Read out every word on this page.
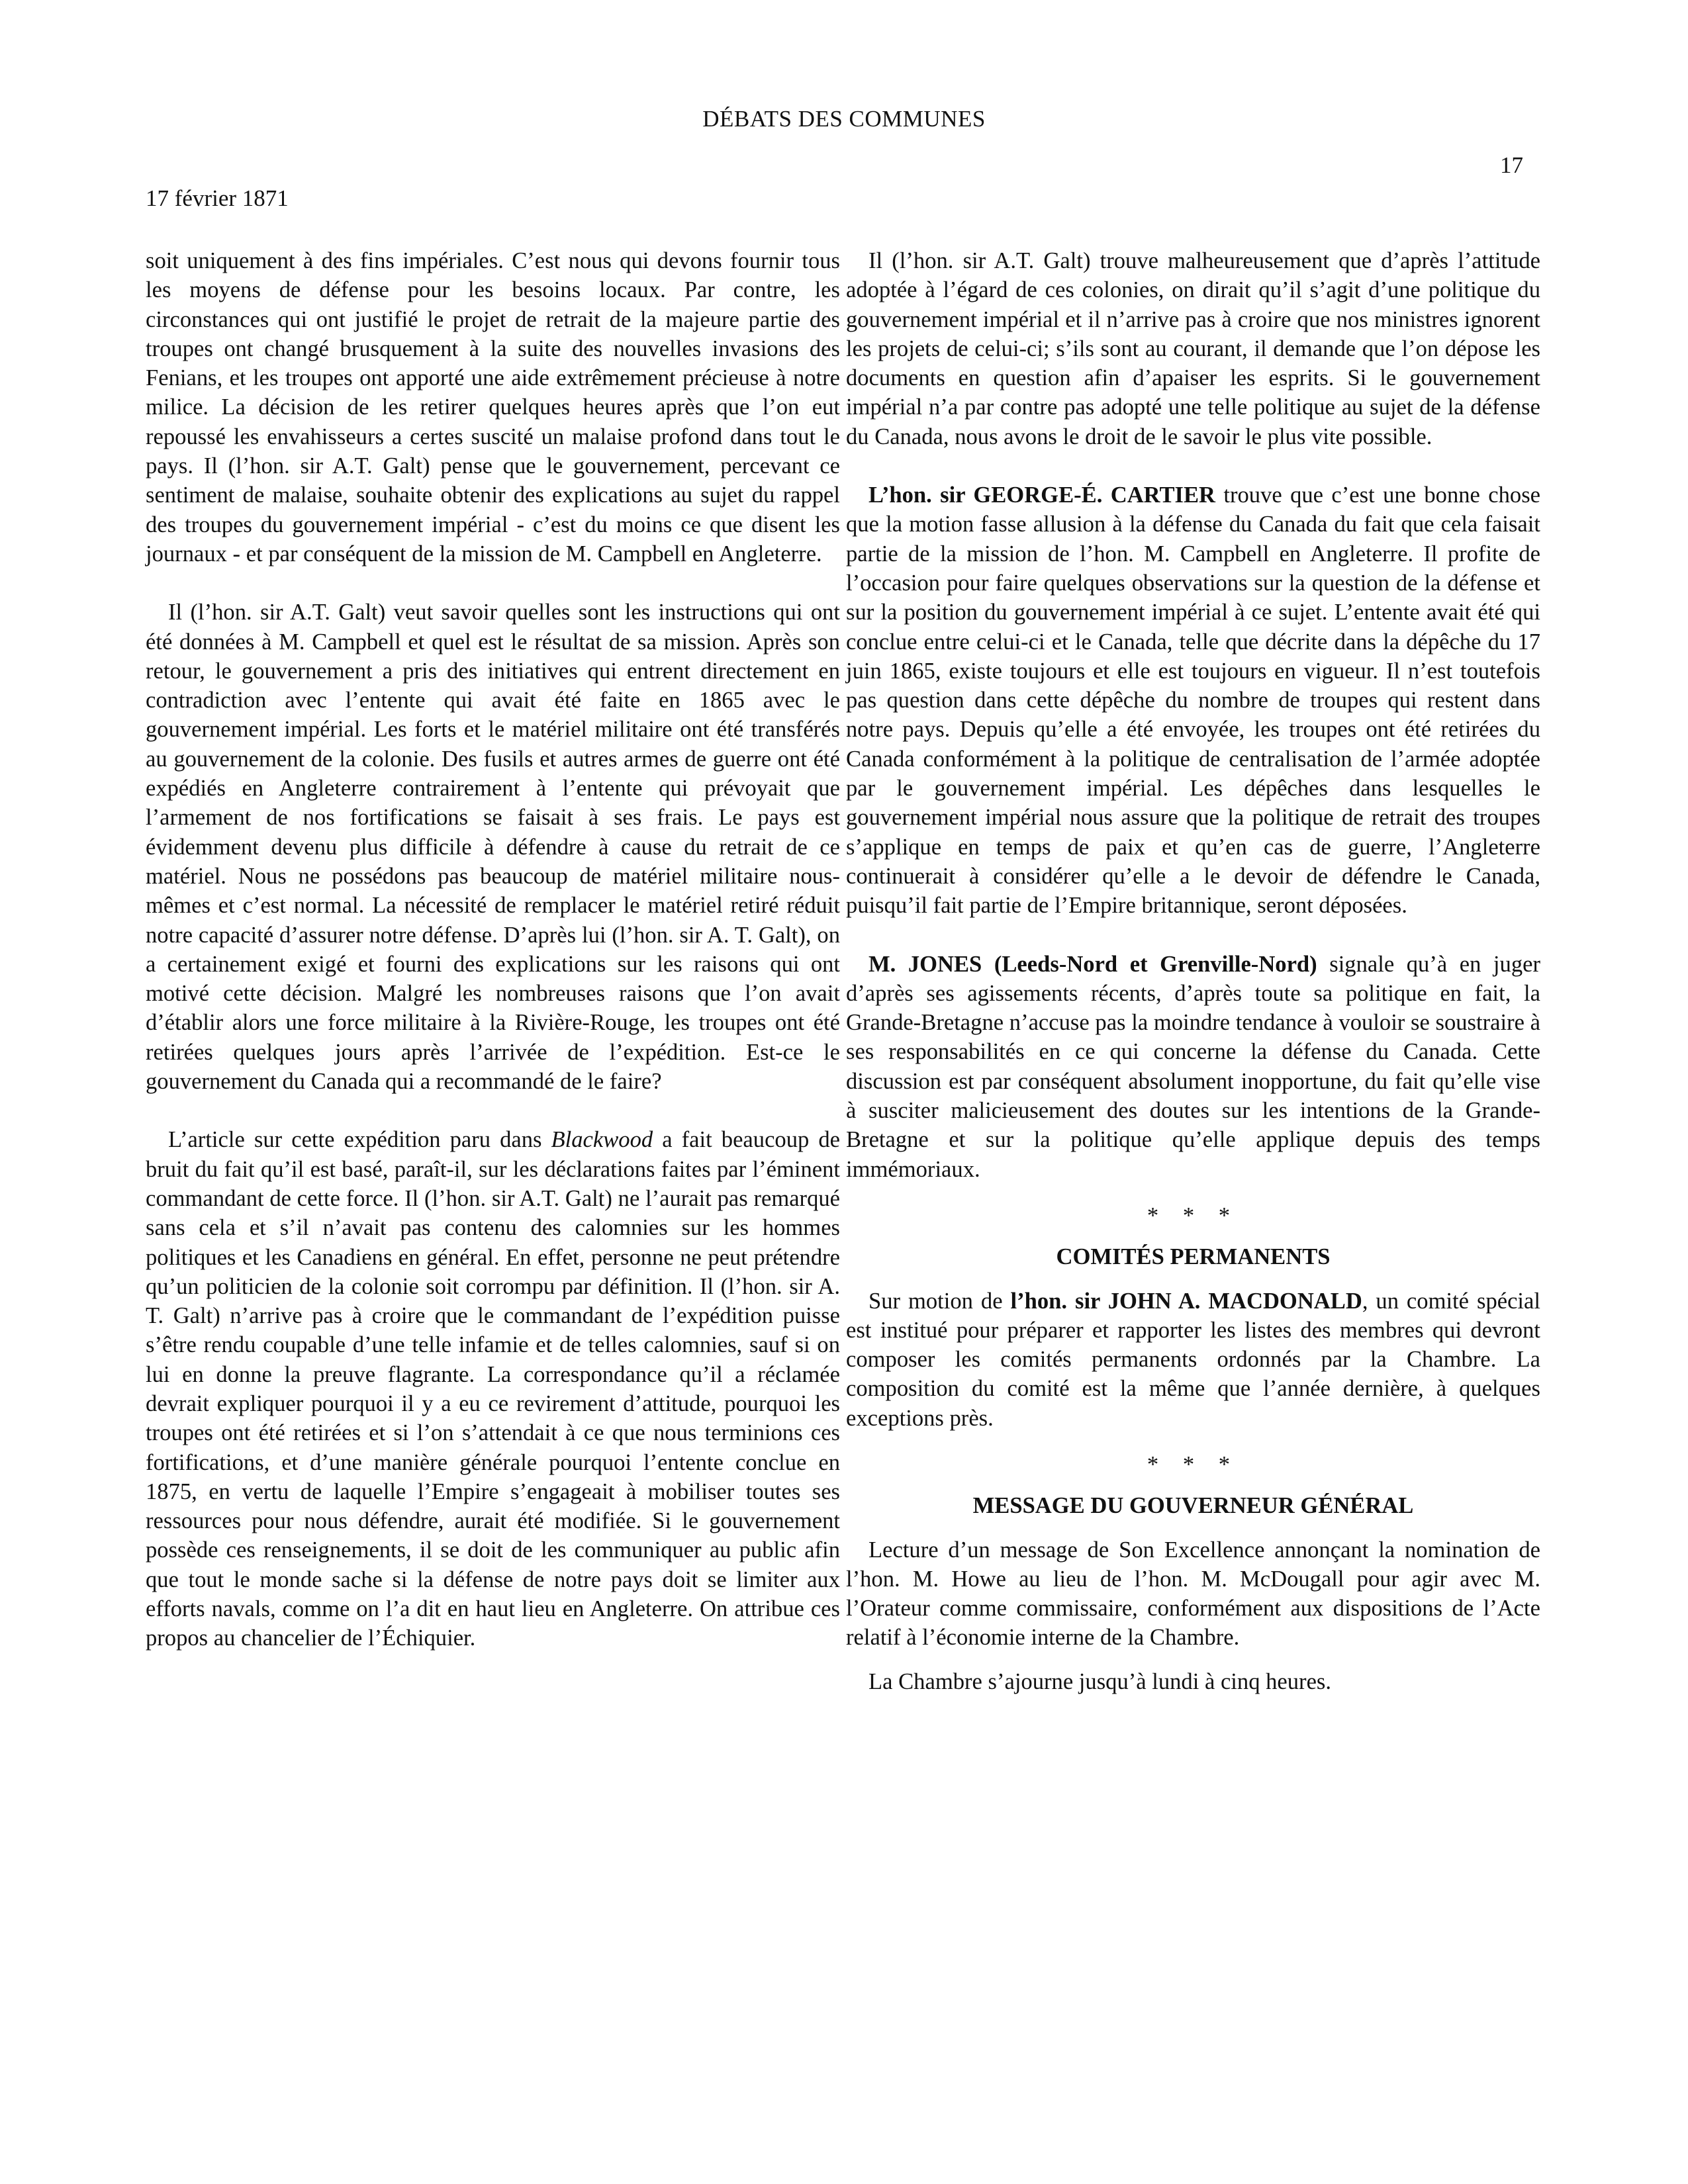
DÉBATS DES COMMUNES
17
17 février 1871

soit uniquement à des fins impériales. C’est nous qui devons fournir tous les moyens de défense pour les besoins locaux. Par contre, les circonstances qui ont justifié le projet de retrait de la majeure partie des troupes ont changé brusquement à la suite des nouvelles invasions des Fenians, et les troupes ont apporté une aide extrêmement précieuse à notre milice. La décision de les retirer quelques heures après que l’on eut repoussé les envahisseurs a certes suscité un malaise profond dans tout le pays. Il (l’hon. sir A.T. Galt) pense que le gouvernement, percevant ce sentiment de malaise, souhaite obtenir des explications au sujet du rappel des troupes du gouvernement impérial - c’est du moins ce que disent les journaux - et par conséquent de la mission de M. Campbell en Angleterre.

Il (l’hon. sir A.T. Galt) veut savoir quelles sont les instructions qui ont été données à M. Campbell et quel est le résultat de sa mission. Après son retour, le gouvernement a pris des initiatives qui entrent directement en contradiction avec l’entente qui avait été faite en 1865 avec le gouvernement impérial. Les forts et le matériel militaire ont été transférés au gouvernement de la colonie. Des fusils et autres armes de guerre ont été expédiés en Angleterre contrairement à l’entente qui prévoyait que l’armement de nos fortifications se faisait à ses frais. Le pays est évidemment devenu plus difficile à défendre à cause du retrait de ce matériel. Nous ne possédons pas beaucoup de matériel militaire nous-mêmes et c’est normal. La nécessité de remplacer le matériel retiré réduit notre capacité d’assurer notre défense. D’après lui (l’hon. sir A. T. Galt), on a certainement exigé et fourni des explications sur les raisons qui ont motivé cette décision. Malgré les nombreuses raisons que l’on avait d’établir alors une force militaire à la Rivière-Rouge, les troupes ont été retirées quelques jours après l’arrivée de l’expédition. Est-ce le gouvernement du Canada qui a recommandé de le faire?

L’article sur cette expédition paru dans Blackwood a fait beaucoup de bruit du fait qu’il est basé, paraît-il, sur les déclarations faites par l’éminent commandant de cette force. Il (l’hon. sir A.T. Galt) ne l’aurait pas remarqué sans cela et s’il n’avait pas contenu des calomnies sur les hommes politiques et les Canadiens en général. En effet, personne ne peut prétendre qu’un politicien de la colonie soit corrompu par définition. Il (l’hon. sir A. T. Galt) n’arrive pas à croire que le commandant de l’expédition puisse s’être rendu coupable d’une telle infamie et de telles calomnies, sauf si on lui en donne la preuve flagrante. La correspondance qu’il a réclamée devrait expliquer pourquoi il y a eu ce revirement d’attitude, pourquoi les troupes ont été retirées et si l’on s’attendait à ce que nous terminions ces fortifications, et d’une manière générale pourquoi l’entente conclue en 1875, en vertu de laquelle l’Empire s’engageait à mobiliser toutes ses ressources pour nous défendre, aurait été modifiée. Si le gouvernement possède ces renseignements, il se doit de les communiquer au public afin que tout le monde sache si la défense de notre pays doit se limiter aux efforts navals, comme on l’a dit en haut lieu en Angleterre. On attribue ces propos au chancelier de l’Échiquier.

Il (l’hon. sir A.T. Galt) trouve malheureusement que d’après l’attitude adoptée à l’égard de ces colonies, on dirait qu’il s’agit d’une politique du gouvernement impérial et il n’arrive pas à croire que nos ministres ignorent les projets de celui-ci; s’ils sont au courant, il demande que l’on dépose les documents en question afin d’apaiser les esprits. Si le gouvernement impérial n’a par contre pas adopté une telle politique au sujet de la défense du Canada, nous avons le droit de le savoir le plus vite possible.

L’hon. sir GEORGE-É. CARTIER trouve que c’est une bonne chose que la motion fasse allusion à la défense du Canada du fait que cela faisait partie de la mission de l’hon. M. Campbell en Angleterre. Il profite de l’occasion pour faire quelques observations sur la question de la défense et sur la position du gouvernement impérial à ce sujet. L’entente avait été qui conclue entre celui-ci et le Canada, telle que décrite dans la dépêche du 17 juin 1865, existe toujours et elle est toujours en vigueur. Il n’est toutefois pas question dans cette dépêche du nombre de troupes qui restent dans notre pays. Depuis qu’elle a été envoyée, les troupes ont été retirées du Canada conformément à la politique de centralisation de l’armée adoptée par le gouvernement impérial. Les dépêches dans lesquelles le gouvernement impérial nous assure que la politique de retrait des troupes s’applique en temps de paix et qu’en cas de guerre, l’Angleterre continuerait à considérer qu’elle a le devoir de défendre le Canada, puisqu’il fait partie de l’Empire britannique, seront déposées.

M. JONES (Leeds-Nord et Grenville-Nord) signale qu’à en juger d’après ses agissements récents, d’après toute sa politique en fait, la Grande-Bretagne n’accuse pas la moindre tendance à vouloir se soustraire à ses responsabilités en ce qui concerne la défense du Canada. Cette discussion est par conséquent absolument inopportune, du fait qu’elle vise à susciter malicieusement des doutes sur les intentions de la Grande-Bretagne et sur la politique qu’elle applique depuis des temps immémoriaux.

* * *

COMITÉS PERMANENTS

Sur motion de l’hon. sir JOHN A. MACDONALD, un comité spécial est institué pour préparer et rapporter les listes des membres qui devront composer les comités permanents ordonnés par la Chambre. La composition du comité est la même que l’année dernière, à quelques exceptions près.

* * *

MESSAGE DU GOUVERNEUR GÉNÉRAL

Lecture d’un message de Son Excellence annonçant la nomination de l’hon. M. Howe au lieu de l’hon. M. McDougall pour agir avec M. l’Orateur comme commissaire, conformément aux dispositions de l’Acte relatif à l’économie interne de la Chambre.

La Chambre s’ajourne jusqu’à lundi à cinq heures.
